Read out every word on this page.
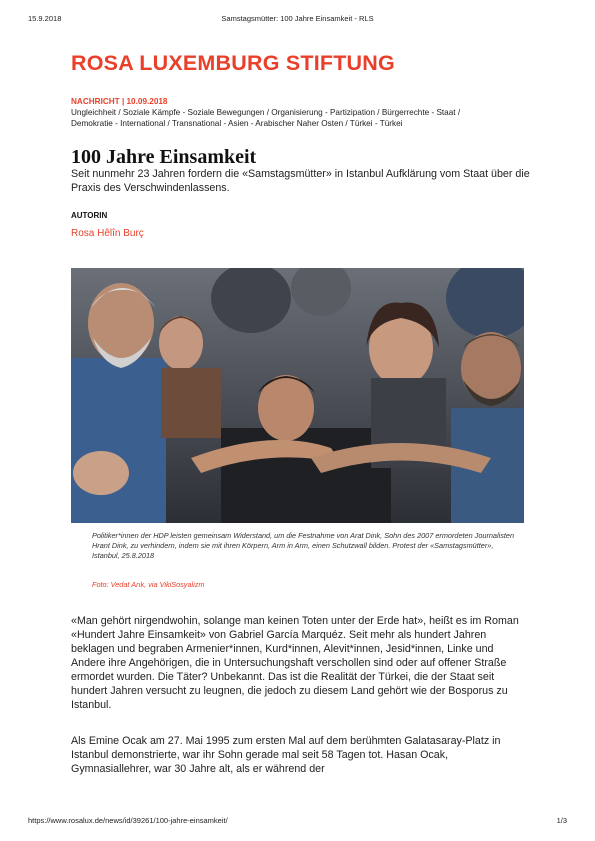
15.9.2018	Samstagsmütter: 100 Jahre Einsamkeit - RLS
ROSA LUXEMBURG STIFTUNG
NACHRICHT | 10.09.2018
Ungleichheit / Soziale Kämpfe - Soziale Bewegungen / Organisierung - Partizipation / Bürgerrechte - Staat / Demokratie - International / Transnational - Asien - Arabischer Naher Osten / Türkei - Türkei
100 Jahre Einsamkeit

Seit nunmehr 23 Jahren fordern die «Samstagsmütter» in Istanbul Aufklärung vom Staat über die Praxis des Verschwindenlassens.

AUTORIN
Rosa Hêlîn Burç

Politiker*innen der HDP leisten gemeinsam Widerstand, um die Festnahme von Arat Dink, Sohn des 2007 ermordeten Journalisten Hrant Dink, zu verhindern, indem sie mit ihren Körpern, Arm in Arm, einen Schutzwall bilden. Protest der «Samstagsmütter», Istanbul, 25.8.2018

Foto: Vedat Arık, via VikiSosyalizm

«Man gehört nirgendwohin, solange man keinen Toten unter der Erde hat», heißt es im Roman «Hundert Jahre Einsamkeit» von Gabriel García Marquéz. Seit mehr als hundert Jahren beklagen und begraben Armenier*innen, Kurd*innen, Alevit*innen, Jesid*innen, Linke und Andere ihre Angehörigen, die in Untersuchungshaft verschollen sind oder auf offener Straße ermordet wurden. Die Täter? Unbekannt. Das ist die Realität der Türkei, die der Staat seit hundert Jahren versucht zu leugnen, die jedoch zu diesem Land gehört wie der Bosporus zu Istanbul.

Als Emine Ocak am 27. Mai 1995 zum ersten Mal auf dem berühmten Galatasaray-Platz in Istanbul demonstrierte, war ihr Sohn gerade mal seit 58 Tagen tot. Hasan Ocak, Gymnasiallehrer, war 30 Jahre alt, als er während der

https://www.rosalux.de/news/id/39261/100-jahre-einsamkeit/	1/3
